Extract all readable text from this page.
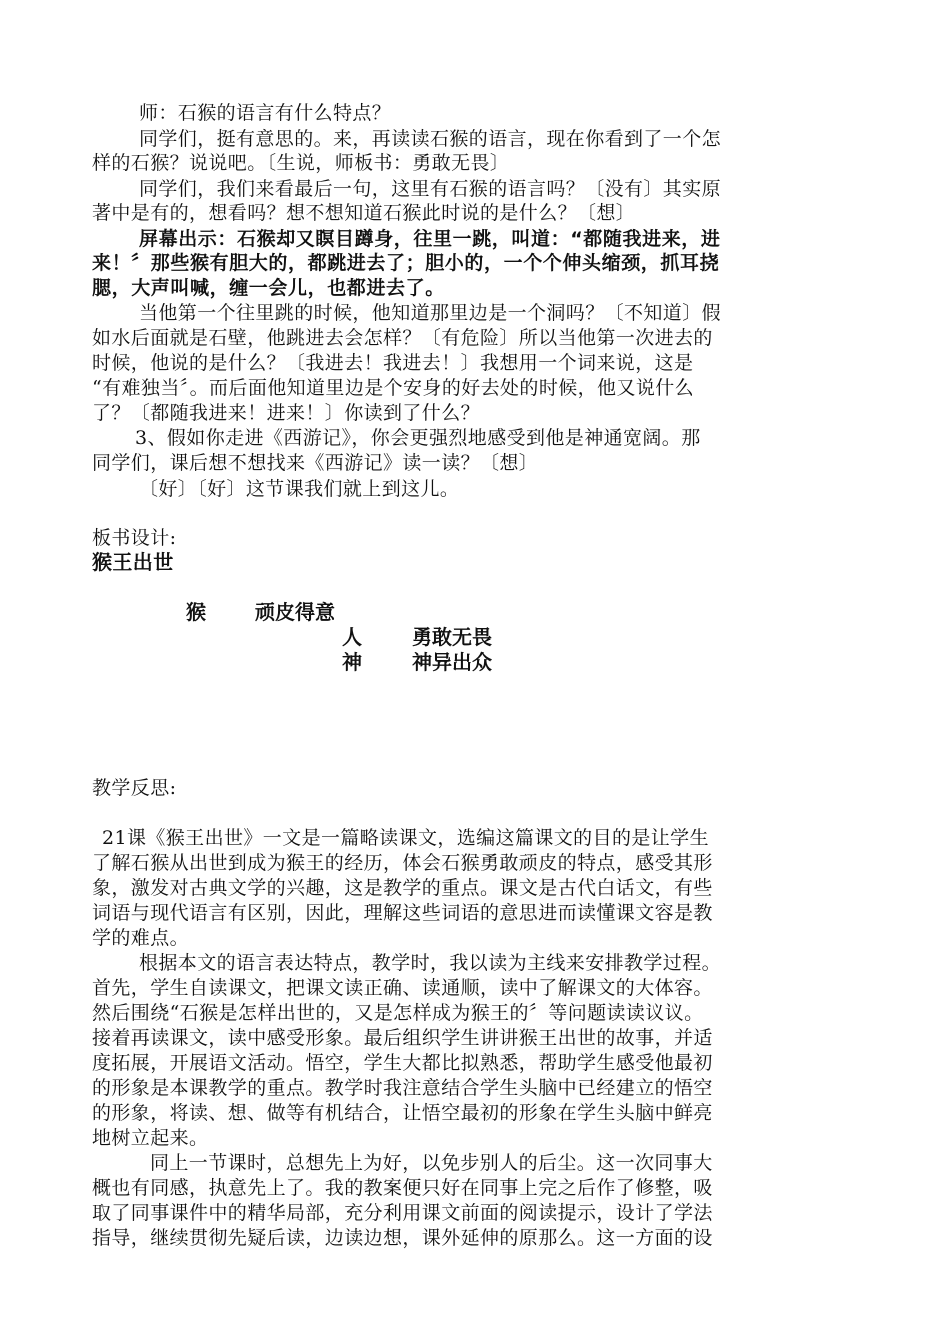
师：石猴的语言有什么特点？
同学们，挺有意思的。来，再读读石猴的语言，现在你看到了一个怎
样的石猴？说说吧。〔生说，师板书：勇敢无畏〕
同学们，我们来看最后一句，这里有石猴的语言吗？〔没有〕其实原
著中是有的，想看吗？想不想知道石猴此时说的是什么？〔想〕
屏幕出示：石猴却又瞑目蹲身，往里一跳，叫道：“都随我进来，进
来！〞那些猴有胆大的，都跳进去了；胆小的，一个个伸头缩颈，抓耳挠
腮，大声叫喊，缠一会儿，也都进去了。
当他第一个往里跳的时候，他知道那里边是一个洞吗？〔不知道〕假
如水后面就是石壁，他跳进去会怎样？〔有危险〕所以当他第一次进去的
时候，他说的是什么？〔我进去！我进去！〕我想用一个词来说，这是
“有难独当〞。而后面他知道里边是个安身的好去处的时候，他又说什么
了？〔都随我进来！进来！〕你读到了什么？
3、假如你走进《西游记》，你会更强烈地感受到他是神通宽阔。那
同学们，课后想不想找来《西游记》读一读？〔想〕
〔好〕〔好〕这节课我们就上到这儿。
板书设计:
猴王出世
猴 顽皮得意
人	勇敢无畏
神	神异出众
教学反思:
21课《猴王出世》一文是一篇略读课文，选编这篇课文的目的是让学生
了解石猴从出世到成为猴王的经历，体会石猴勇敢顽皮的特点，感受其形
象，激发对古典文学的兴趣，这是教学的重点。课文是古代白话文，有些
词语与现代语言有区别，因此，理解这些词语的意思进而读懂课文容是教
学的难点。
根据本文的语言表达特点，教学时，我以读为主线来安排教学过程。
首先，学生自读课文，把课文读正确、读通顺，读中了解课文的大体容。
然后围绕“石猴是怎样出世的，又是怎样成为猴王的〞等问题读读议议。
接着再读课文，读中感受形象。最后组织学生讲讲猴王出世的故事，并适
度拓展，开展语文活动。悟空，学生大都比拟熟悉，帮助学生感受他最初
的形象是本课教学的重点。教学时我注意结合学生头脑中已经建立的悟空
的形象，将读、想、做等有机结合，让悟空最初的形象在学生头脑中鲜亮
地树立起来。
同上一节课时，总想先上为好，以免步别人的后尘。这一次同事大
概也有同感，执意先上了。我的教案便只好在同事上完之后作了修整，吸
取了同事课件中的精华局部，充分利用课文前面的阅读提示，设计了学法
指导，继续贯彻先疑后读，边读边想，课外延伸的原那么。这一方面的设
